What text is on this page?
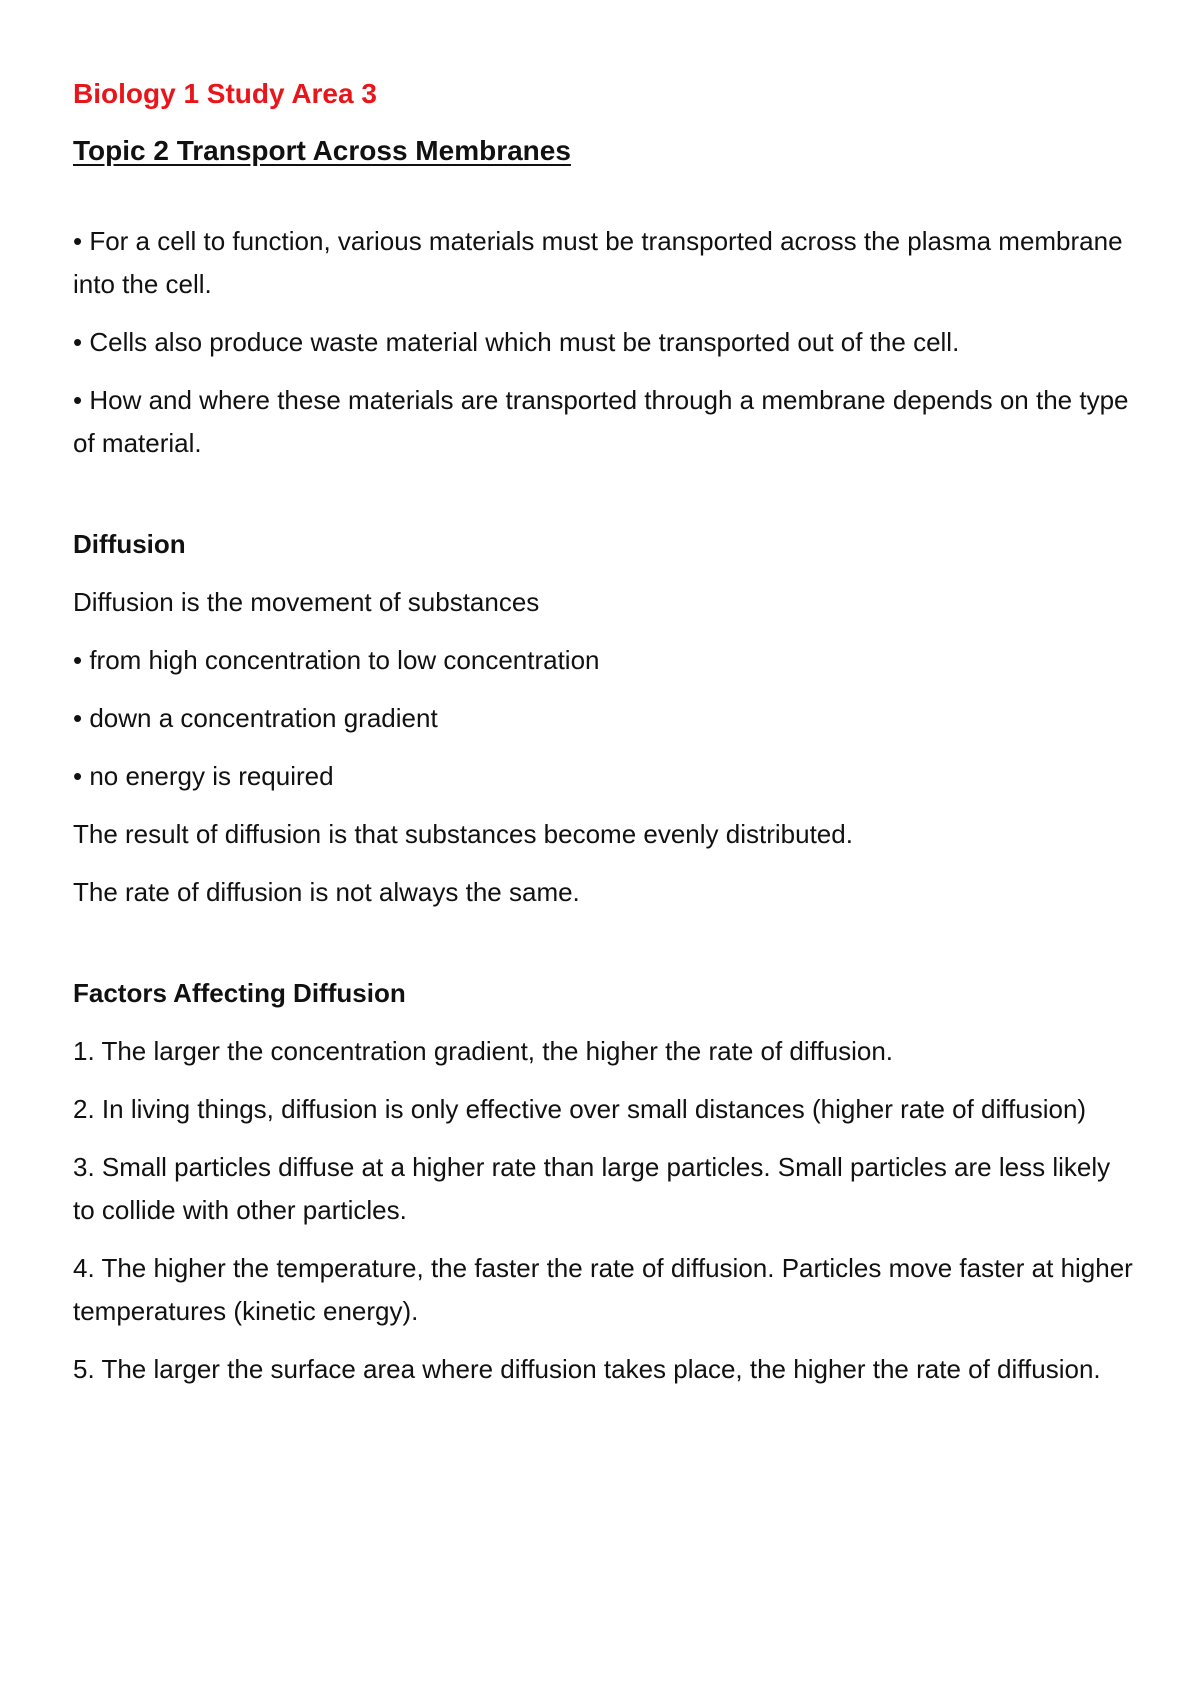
Biology 1 Study Area 3
Topic 2 Transport Across Membranes

• For a cell to function, various materials must be transported across the plasma membrane into the cell.

• Cells also produce waste material which must be transported out of the cell.

• How and where these materials are transported through a membrane depends on the type of material.

Diffusion

Diffusion is the movement of substances

• from high concentration to low concentration

• down a concentration gradient

• no energy is required

The result of diffusion is that substances become evenly distributed.

The rate of diffusion is not always the same.

Factors Affecting Diffusion

1. The larger the concentration gradient, the higher the rate of diffusion.

2. In living things, diffusion is only effective over small distances (higher rate of diffusion)

3. Small particles diffuse at a higher rate than large particles. Small particles are less likely to collide with other particles.

4. The higher the temperature, the faster the rate of diffusion. Particles move faster at higher temperatures (kinetic energy).

5. The larger the surface area where diffusion takes place, the higher the rate of diffusion.
